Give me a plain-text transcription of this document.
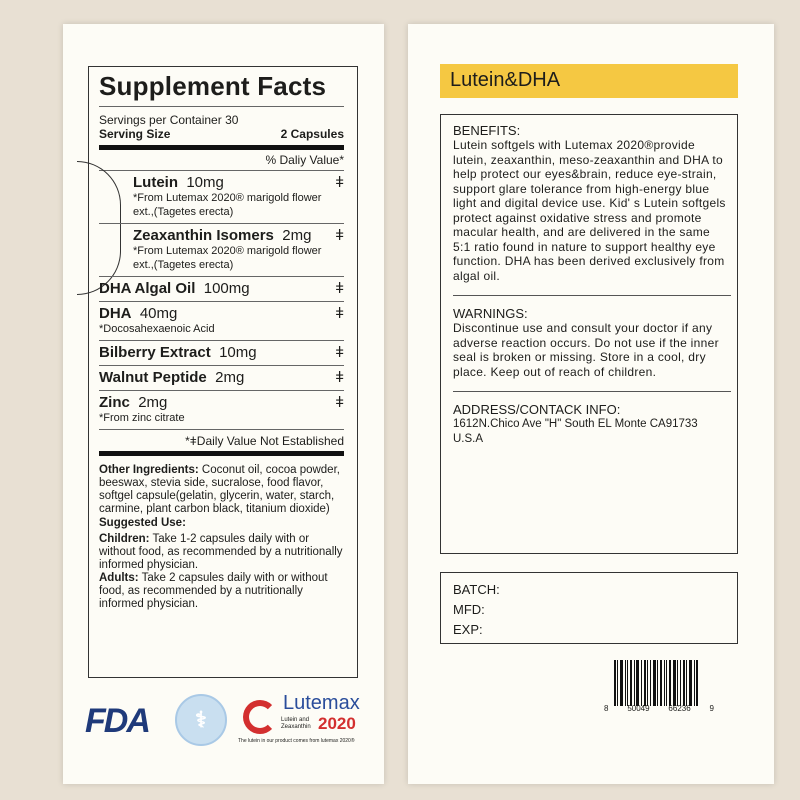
Supplement Facts
Servings per Container 30
Serving Size	2 Capsules
% Daliy Value*
Lutein 10mg	ǂ
*From Lutemax 2020® marigold flower ext.,(Tagetes erecta)
Zeaxanthin Isomers 2mg ǂ
*From Lutemax 2020® marigold flower ext.,(Tagetes erecta)
DHA Algal Oil 100mg	ǂ
DHA 40mg	ǂ
*Docosahexaenoic Acid
Bilberry Extract 10mg	ǂ
Walnut Peptide 2mg	ǂ
Zinc 2mg	ǂ
*From zinc citrate
*ǂDaily Value Not Established
Other Ingredients: Coconut oil, cocoa powder, beeswax, stevia side, sucralose, food flavor, softgel capsule(gelatin, glycerin, water, starch, carmine, plant carbon black, titanium dioxide)
Suggested Use:
Children: Take 1-2 capsules daily with or without food, as recommended by a nutritionally informed physician.
Adults: Take 2 capsules daily with or without food, as recommended by a nutritionally informed physician.
FDA	⚕
Lutemax
Lutein and Zeaxanthin 2020
The lutein in our product comes from lutemax 2020®
Lutein&DHA
BENEFITS:

Lutein softgels with Lutemax 2020®provide lutein, zeaxanthin, meso-zeaxanthin and DHA to help protect our eyes&brain, reduce eye-strain, support glare tolerance from high-energy blue light and digital device use. Kid' s Lutein softgels protect against oxidative stress and promote macular health, and are delivered in the same 5:1 ratio found in nature to support healthy eye function. DHA has been derived exclusively from algal oil.

WARNINGS:

Discontinue use and consult your doctor if any adverse reaction occurs. Do not use if the inner seal is broken or missing. Store in a cool, dry place. Keep out of reach of children.

ADDRESS/CONTACK INFO:

1612N.Chico Ave "H" South EL Monte CA91733 U.S.A

BATCH:
MFD:
EXP:
8 50049 66236 9
